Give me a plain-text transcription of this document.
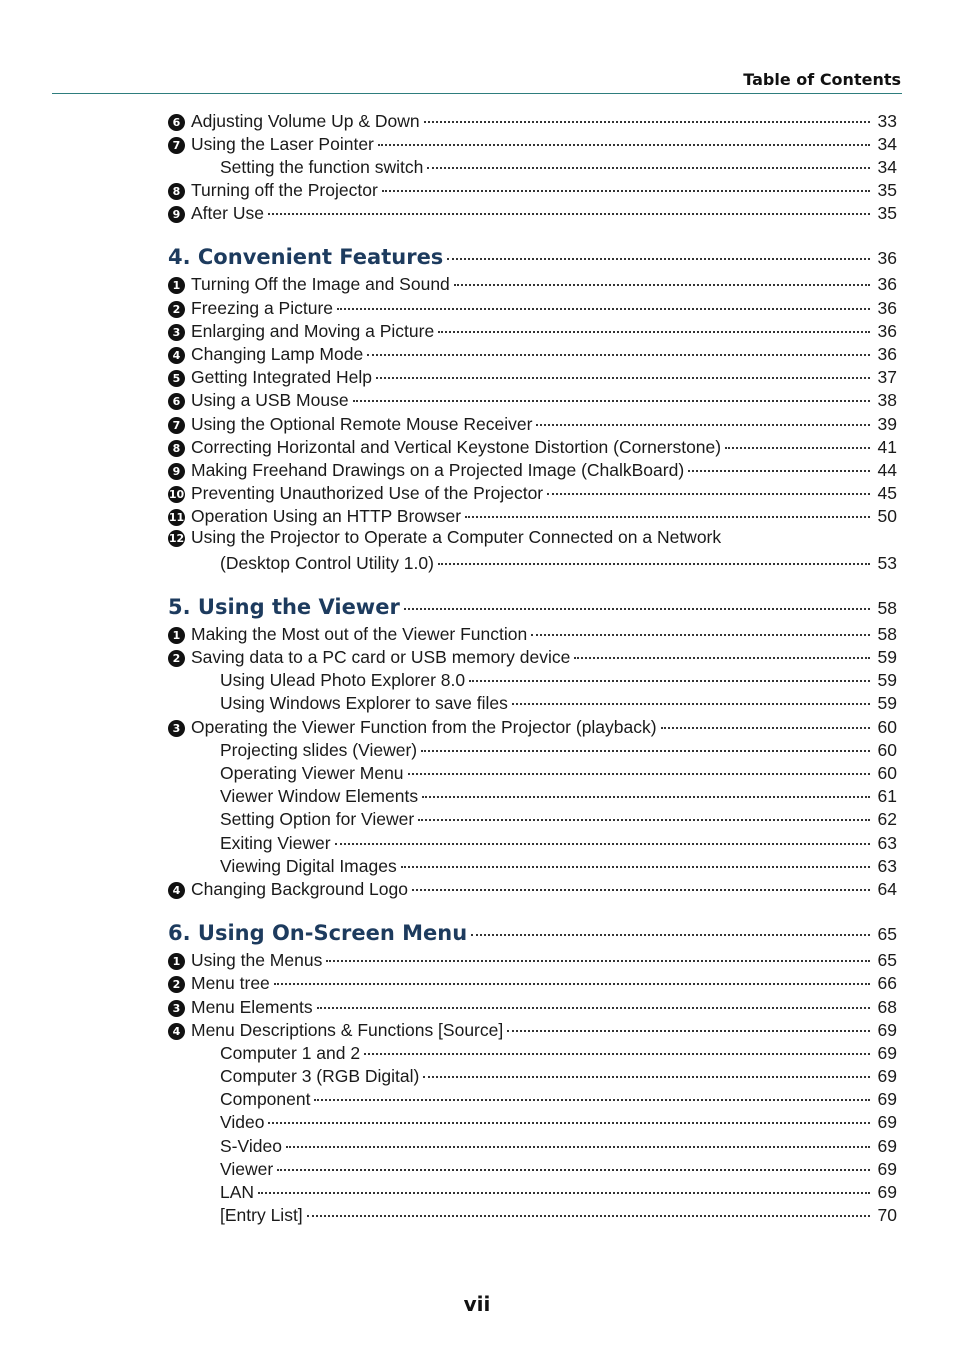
Table of Contents
6 Adjusting Volume Up & Down	33
7 Using the Laser Pointer	34
Setting the function switch	34
8 Turning off the Projector	35
9 After Use	35
4. Convenient Features	36
1 Turning Off the Image and Sound	36
2 Freezing a Picture	36
3 Enlarging and Moving a Picture	36
4 Changing Lamp Mode	36
5 Getting Integrated Help	37
6 Using a USB Mouse	38
7 Using the Optional Remote Mouse Receiver	39
8 Correcting Horizontal and Vertical Keystone Distortion (Cornerstone)	41
9 Making Freehand Drawings on a Projected Image (ChalkBoard)	44
10 Preventing Unauthorized Use of the Projector	45
11 Operation Using an HTTP Browser	50
12 Using the Projector to Operate a Computer Connected on a Network
(Desktop Control Utility 1.0)	53
5. Using the Viewer	58
1 Making the Most out of the Viewer Function	58
2 Saving data to a PC card or USB memory device	59
Using Ulead Photo Explorer 8.0	59
Using Windows Explorer to save files	59
3 Operating the Viewer Function from the Projector (playback)	60
Projecting slides (Viewer)	60
Operating Viewer Menu	60
Viewer Window Elements	61
Setting Option for Viewer	62
Exiting Viewer	63
Viewing Digital Images	63
4 Changing Background Logo	64
6. Using On-Screen Menu	65
1 Using the Menus	65
2 Menu tree	66
3 Menu Elements	68
4 Menu Descriptions & Functions [Source]	69
Computer 1 and 2	69
Computer 3 (RGB Digital)	69
Component	69
Video	69
S-Video	69
Viewer	69
LAN	69
[Entry List]	70
vii
